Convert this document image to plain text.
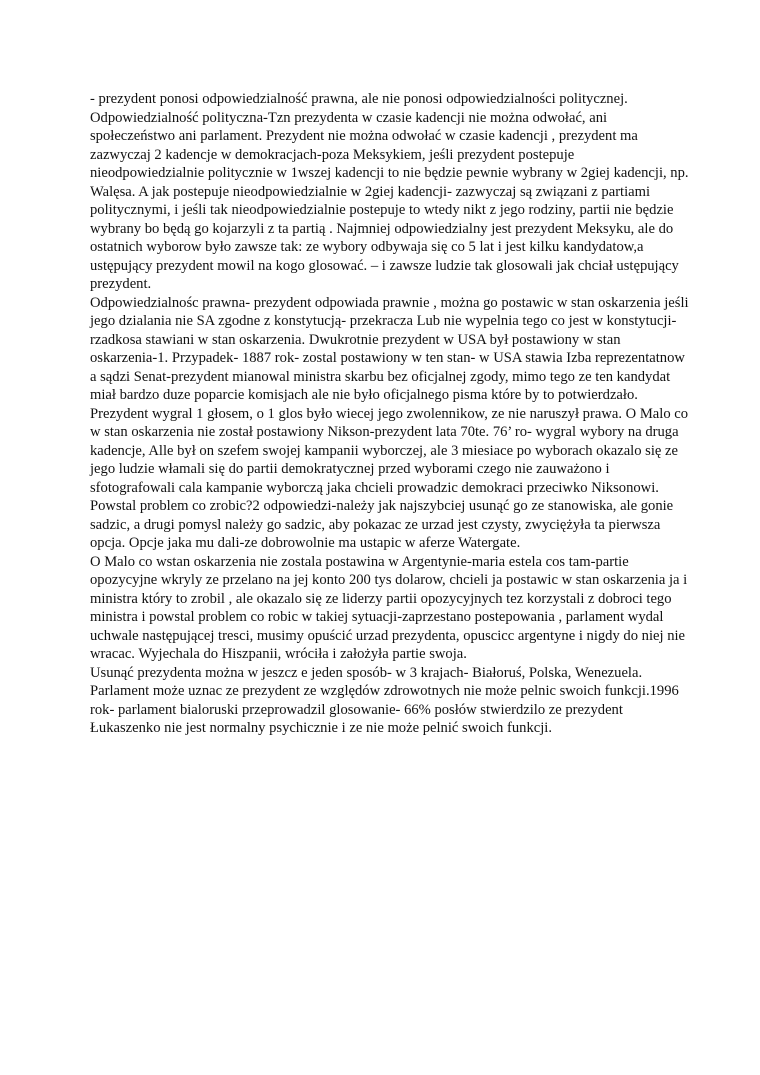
- prezydent ponosi odpowiedzialność prawna, ale nie ponosi odpowiedzialności politycznej.

Odpowiedzialność polityczna-Tzn prezydenta w czasie kadencji nie można odwołać, ani społeczeństwo ani parlament. Prezydent nie można odwołać w czasie kadencji , prezydent ma zazwyczaj 2 kadencje w demokracjach-poza Meksykiem, jeśli prezydent postepuje nieodpowiedzialnie politycznie w 1wszej kadencji to nie będzie pewnie wybrany w 2giej kadencji, np. Walęsa. A jak postepuje nieodpowiedzialnie w 2giej kadencji- zazwyczaj są związani z partiami politycznymi, i jeśli tak nieodpowiedzialnie postepuje to wtedy nikt z jego rodziny, partii nie będzie wybrany bo będą go kojarzyli z ta partią . Najmniej odpowiedzialny jest prezydent Meksyku, ale do ostatnich wyborow było zawsze tak: ze wybory odbywaja się co 5 lat i jest kilku kandydatow,a ustępujący prezydent mowil na kogo glosować. – i zawsze ludzie tak glosowali jak chciał ustępujący prezydent.

Odpowiedzialnośc prawna- prezydent odpowiada prawnie , można go postawic w stan oskarzenia jeśli jego dzialania nie SA zgodne z konstytucją- przekracza Lub nie wypelnia tego co jest w konstytucji-rzadkosa stawiani w stan oskarzenia. Dwukrotnie prezydent w USA był postawiony w stan oskarzenia-1. Przypadek- 1887 rok- zostal postawiony w ten stan- w USA stawia Izba reprezentatnow a sądzi Senat-prezydent mianowal ministra skarbu bez oficjalnej zgody, mimo tego ze ten kandydat miał bardzo duze poparcie komisjach ale nie było oficjalnego pisma które by to potwierdzało. Prezydent wygral 1 głosem, o 1 glos było wiecej jego zwolennikow, ze nie naruszył prawa. O Malo co w stan oskarzenia nie został postawiony Nikson-prezydent lata 70te. 76’ ro- wygral wybory na druga kadencje, Alle był on szefem swojej kampanii wyborczej, ale 3 miesiace po wyborach okazalo się ze jego ludzie włamali się do partii demokratycznej przed wyborami czego nie zauważono i sfotografowali cala kampanie wyborczą jaka chcieli prowadzic demokraci przeciwko Niksonowi. Powstal problem co zrobic?2 odpowiedzi-należy jak najszybciej usunąć go ze stanowiska, ale gonie sadzic, a drugi pomysl należy go sadzic, aby pokazac ze urzad jest czysty, zwyciężyła ta pierwsza opcja. Opcje jaka mu dali-ze dobrowolnie ma ustapic w aferze Watergate.

O Malo co wstan oskarzenia nie zostala postawina w Argentynie-maria estela cos tam-partie opozycyjne wkryly ze przelano na jej konto 200 tys dolarow, chcieli ja postawic w stan oskarzenia ja i ministra który to zrobil , ale okazalo się ze liderzy partii opozycyjnych tez korzystali z dobroci tego ministra i powstal problem co robic w takiej sytuacji-zaprzestano postepowania , parlament wydal uchwale następującej tresci, musimy opuścić urzad prezydenta, opuscicc argentyne i nigdy do niej nie wracac. Wyjechala do Hiszpanii, wróciła i założyła partie swoja.

Usunąć prezydenta można w jeszcz e jeden sposób- w 3 krajach- Białoruś, Polska, Wenezuela. Parlament może uznac ze prezydent ze względów zdrowotnych nie może pelnic swoich funkcji.1996 rok- parlament bialoruski przeprowadzil glosowanie- 66% posłów stwierdzilo ze prezydent Łukaszenko nie jest normalny psychicznie i ze nie może pelnić swoich funkcji.
